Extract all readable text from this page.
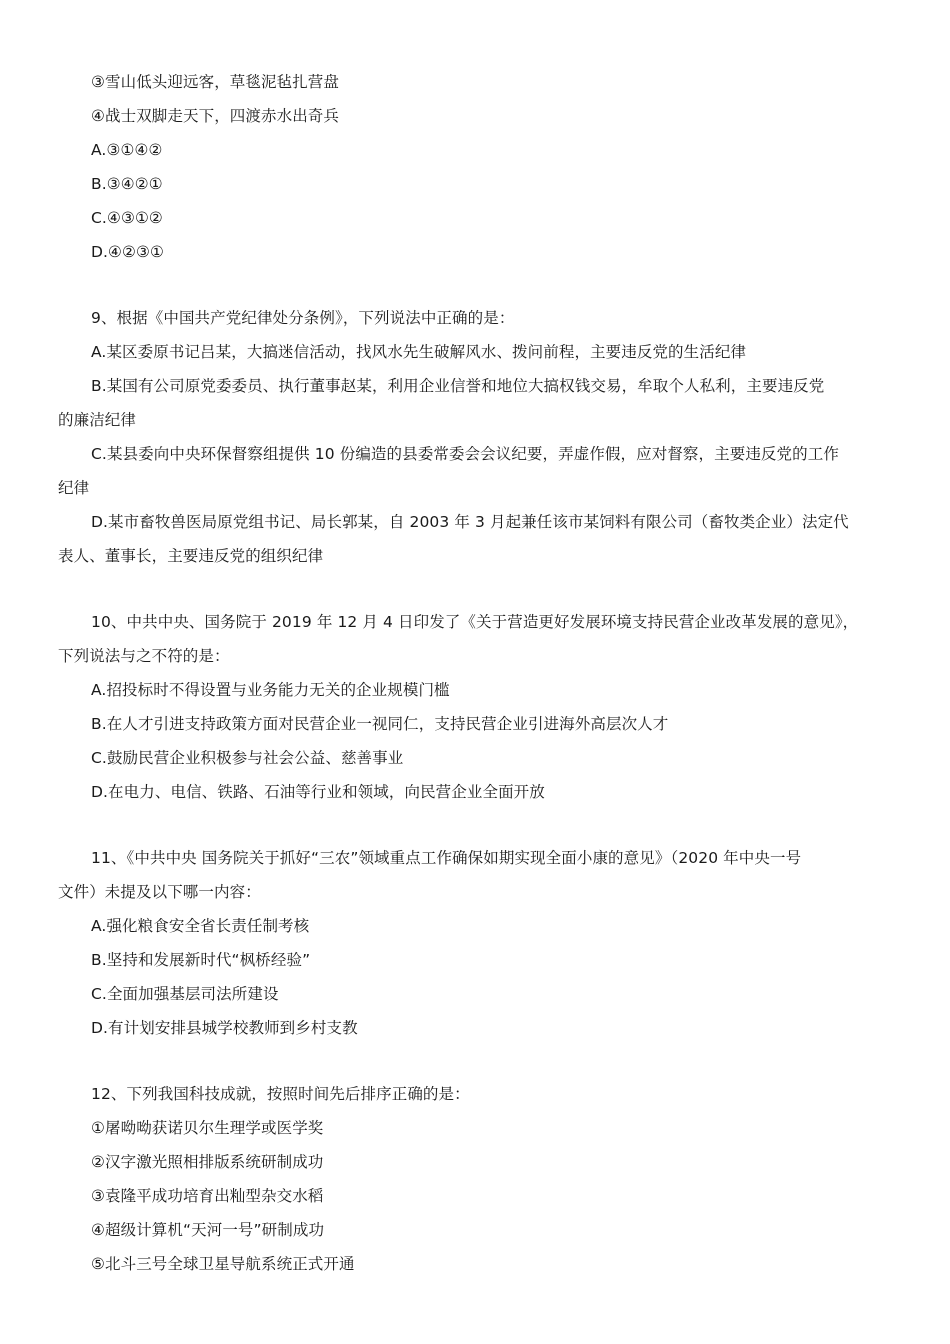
③雪山低头迎远客，草毯泥毡扎营盘
④战士双脚走天下，四渡赤水出奇兵
A.③①④②
B.③④②①
C.④③①②
D.④②③①
9、根据《中国共产党纪律处分条例》，下列说法中正确的是：
A.某区委原书记吕某，大搞迷信活动，找风水先生破解风水、拨问前程，主要违反党的生活纪律
B.某国有公司原党委委员、执行董事赵某，利用企业信誉和地位大搞权钱交易，牟取个人私利，主要违反党
的廉洁纪律
C.某县委向中央环保督察组提供 10 份编造的县委常委会会议纪要，弄虚作假，应对督察，主要违反党的工作
纪律
D.某市畜牧兽医局原党组书记、局长郭某，自 2003 年 3 月起兼任该市某饲料有限公司（畜牧类企业）法定代
表人、董事长，主要违反党的组织纪律
10、中共中央、国务院于 2019 年 12 月 4 日印发了《关于营造更好发展环境支持民营企业改革发展的意见》，
下列说法与之不符的是：
A.招投标时不得设置与业务能力无关的企业规模门槛
B.在人才引进支持政策方面对民营企业一视同仁，支持民营企业引进海外高层次人才
C.鼓励民营企业积极参与社会公益、慈善事业
D.在电力、电信、铁路、石油等行业和领域，向民营企业全面开放
11、《中共中央 国务院关于抓好“三农”领域重点工作确保如期实现全面小康的意见》（2020 年中央一号
文件）未提及以下哪一内容：
A.强化粮食安全省长责任制考核
B.坚持和发展新时代“枫桥经验”
C.全面加强基层司法所建设
D.有计划安排县城学校教师到乡村支教
12、下列我国科技成就，按照时间先后排序正确的是：
①屠呦呦获诺贝尔生理学或医学奖
②汉字激光照相排版系统研制成功
③袁隆平成功培育出籼型杂交水稻
④超级计算机“天河一号”研制成功
⑤北斗三号全球卫星导航系统正式开通
